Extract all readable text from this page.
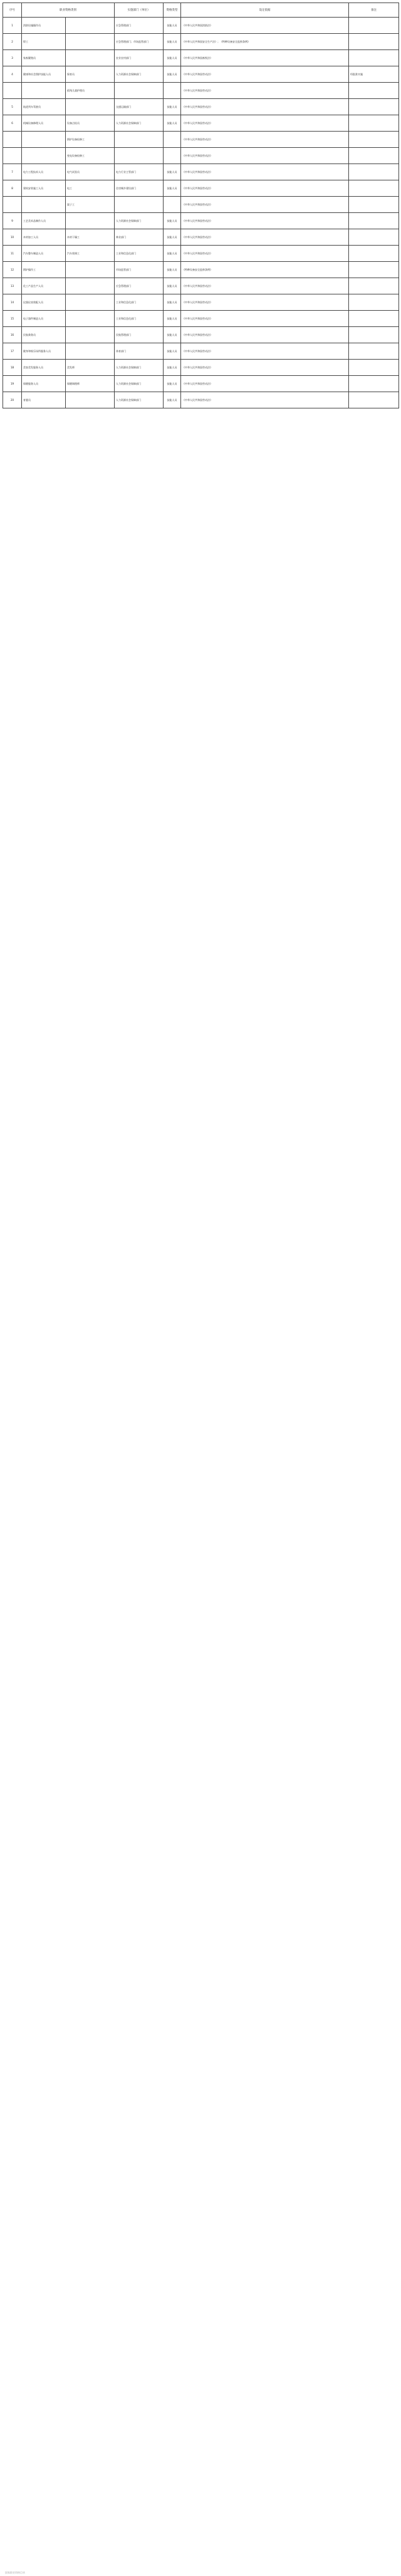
序号	职业资格类别		实施部门（单位）	资格类型	设定依据	备注
1	消防设施操作员		应急管理部门	技能人员	《中华人民共和国消防法》	
2	焊工		应急管理部门；市场监管部门	技能人员	《中华人民共和国安全生产法》；《特种设备安全监察条例》	
3	家畜繁殖员		农业农村部门	技能人员	《中华人民共和国畜牧法》	
4	健康和社会照护技能人员	保育员	人力资源社会保障部门	技能人员	《中华人民共和国劳动法》	经批准实施
		孤残儿童护理员			《中华人民共和国劳动法》	
5	轨道列车驾驶员		交通运输部门	技能人员	《中华人民共和国劳动法》	
6	机械设备修理人员	设备点检员	人力资源社会保障部门	技能人员	《中华人民共和国劳动法》	
		锅炉设备检修工			《中华人民共和国劳动法》	
		变电设备检修工			《中华人民共和国劳动法》	
7	电力工程技术人员	电气试验员	电力行业主管部门	技能人员	《中华人民共和国劳动法》	
8	建筑安装施工人员	电工	住房城乡建设部门	技能人员	《中华人民共和国劳动法》	
		架子工			《中华人民共和国劳动法》	
9	工艺美术品制作人员		人力资源社会保障部门	技能人员	《中华人民共和国劳动法》	
10	木材加工人员	木材干燥工	林业部门	技能人员	《中华人民共和国劳动法》	
11	汽车整车制造人员	汽车装调工	工业和信息化部门	技能人员	《中华人民共和国劳动法》	
12	锅炉操作工		市场监管部门	技能人员	《特种设备安全监察条例》	
13	化工产品生产人员		应急管理部门	技能人员	《中华人民共和国劳动法》	
14	仪器仪表装配人员		工业和信息化部门	技能人员	《中华人民共和国劳动法》	
15	电子器件制造人员		工业和信息化部门	技能人员	《中华人民共和国劳动法》	
16	民航乘务员		民航管理部门	技能人员	《中华人民共和国劳动法》	
17	健身和娱乐场所服务人员		体育部门	技能人员	《中华人民共和国劳动法》	
18	美容美发服务人员	美发师	人力资源社会保障部门	技能人员	《中华人民共和国劳动法》	
19	保健服务人员	保健调理师	人力资源社会保障部门	技能人员	《中华人民共和国劳动法》	
20	育婴员		人力资源社会保障部门	技能人员	《中华人民共和国劳动法》	
国家职业资格目录
